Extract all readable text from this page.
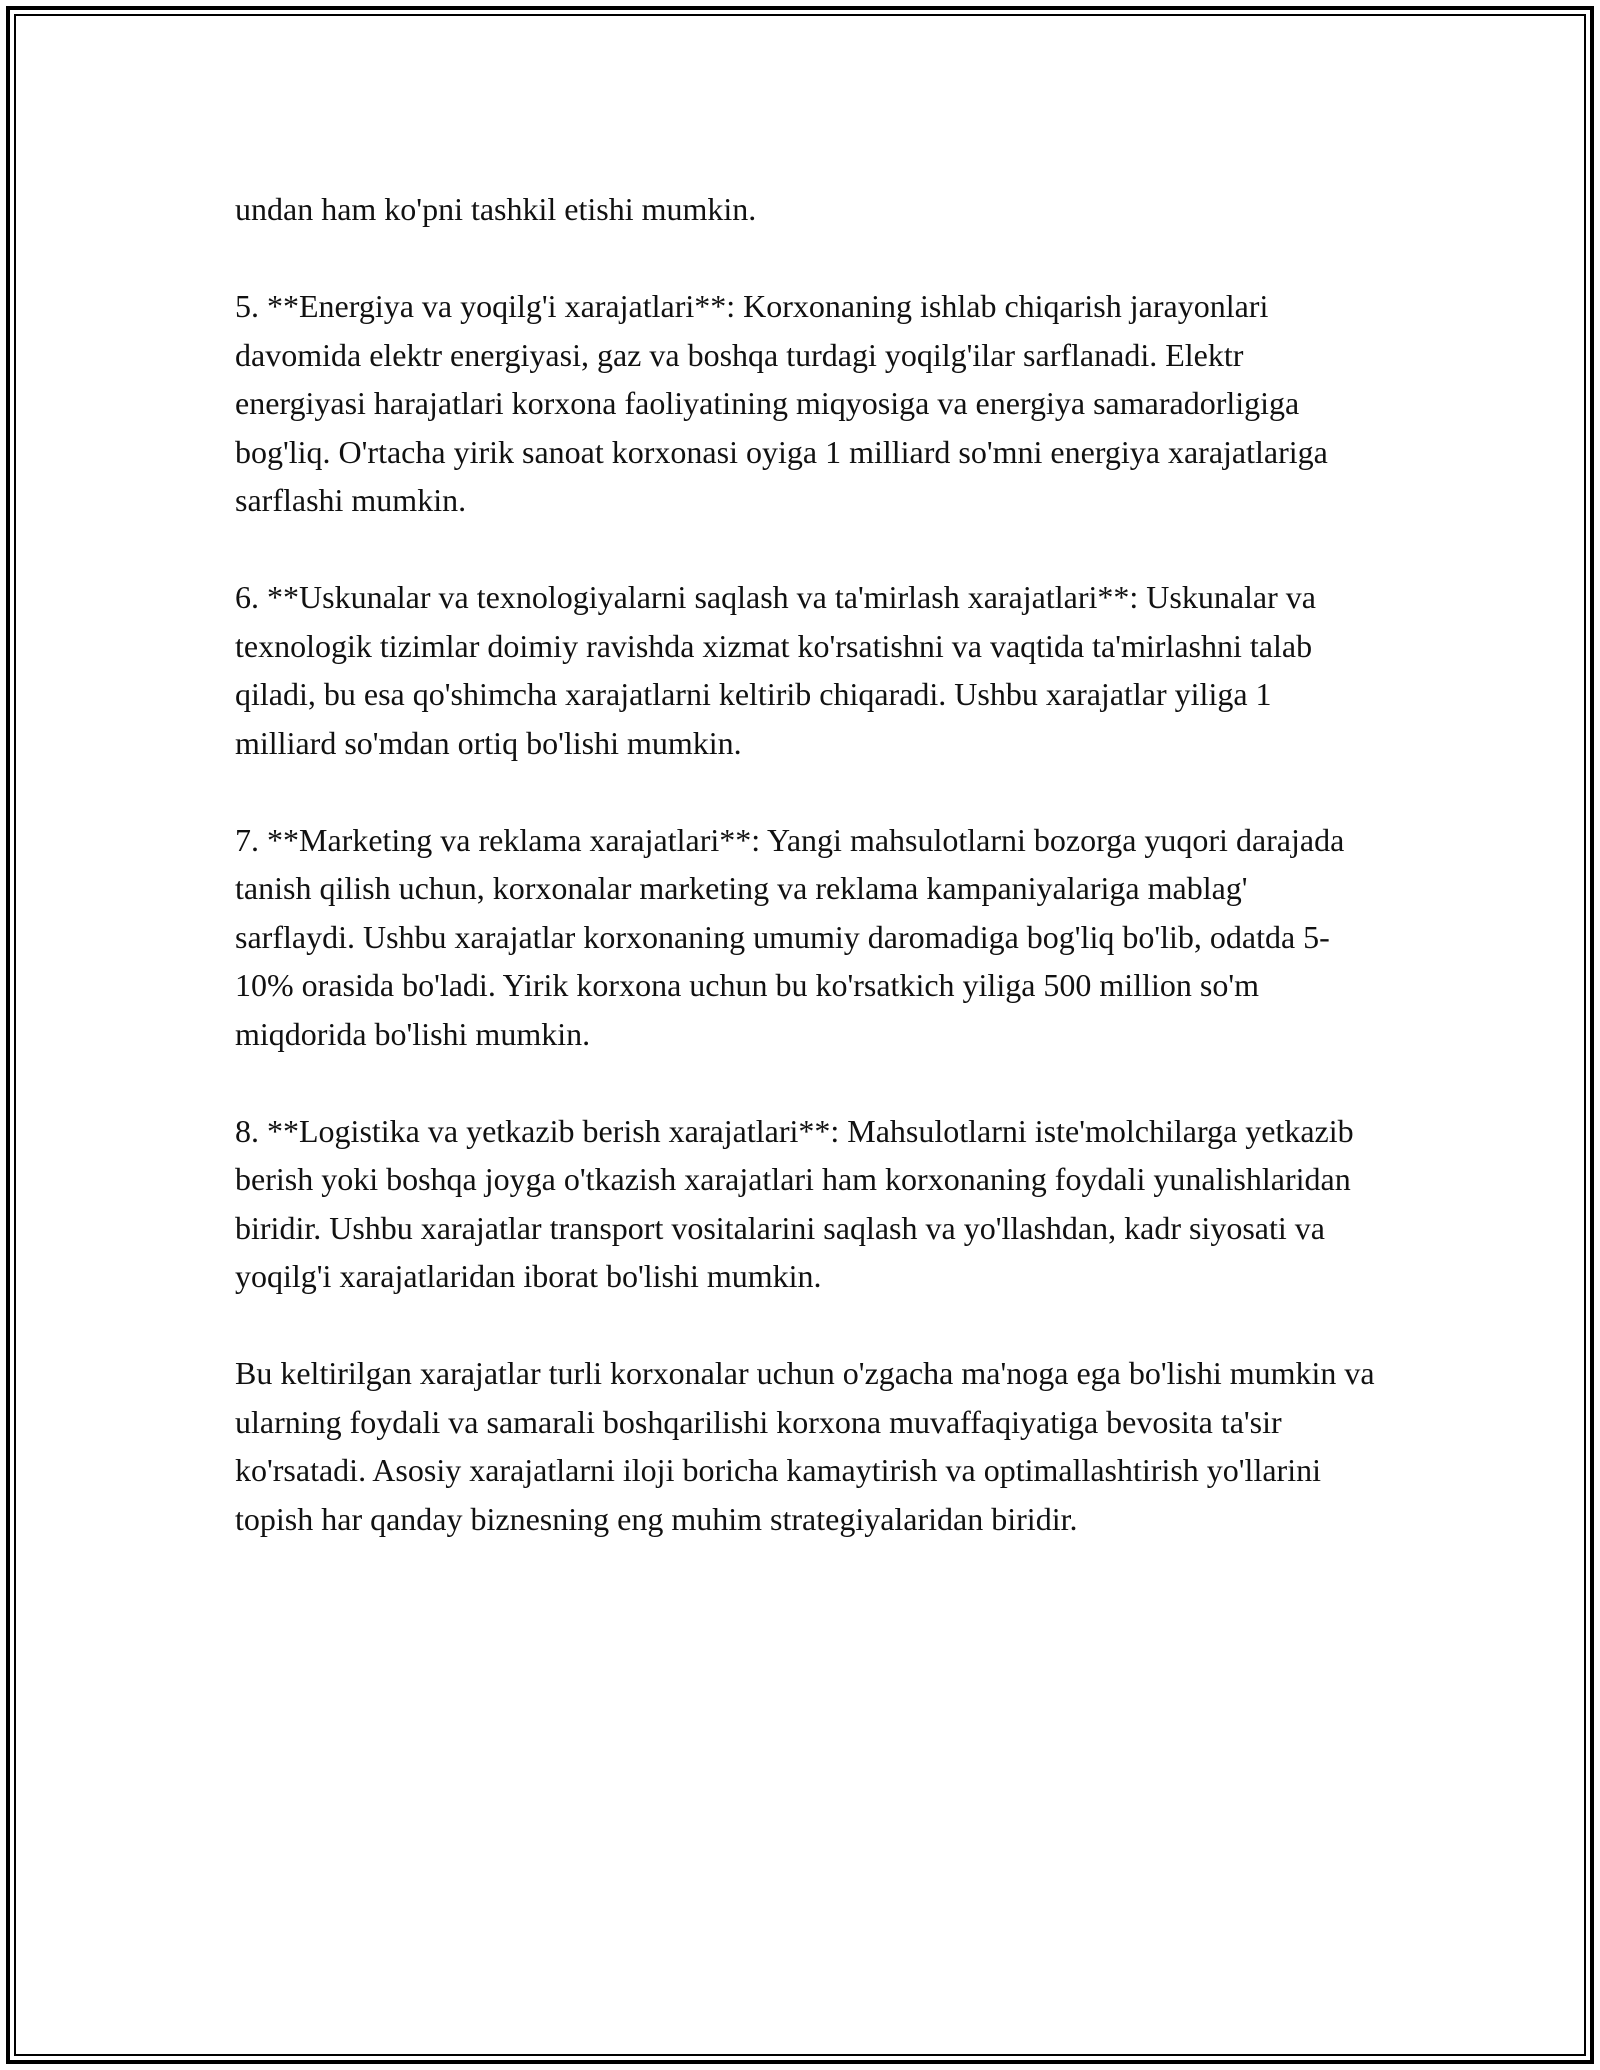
undan ham ko'pni tashkil etishi mumkin.

5. **Energiya va yoqilg'i xarajatlari**: Korxonaning ishlab chiqarish jarayonlari davomida elektr energiyasi, gaz va boshqa turdagi yoqilg'ilar sarflanadi. Elektr energiyasi harajatlari korxona faoliyatining miqyosiga va energiya samaradorligiga bog'liq. O'rtacha yirik sanoat korxonasi oyiga 1 milliard so'mni energiya xarajatlariga sarflashi mumkin.

6. **Uskunalar va texnologiyalarni saqlash va ta'mirlash xarajatlari**: Uskunalar va texnologik tizimlar doimiy ravishda xizmat ko'rsatishni va vaqtida ta'mirlashni talab qiladi, bu esa qo'shimcha xarajatlarni keltirib chiqaradi. Ushbu xarajatlar yiliga 1 milliard so'mdan ortiq bo'lishi mumkin.

7. **Marketing va reklama xarajatlari**: Yangi mahsulotlarni bozorga yuqori darajada tanish qilish uchun, korxonalar marketing va reklama kampaniyalariga mablag' sarflaydi. Ushbu xarajatlar korxonaning umumiy daromadiga bog'liq bo'lib, odatda 5-10% orasida bo'ladi. Yirik korxona uchun bu ko'rsatkich yiliga 500 million so'm miqdorida bo'lishi mumkin.

8. **Logistika va yetkazib berish xarajatlari**: Mahsulotlarni iste'molchilarga yetkazib berish yoki boshqa joyga o'tkazish xarajatlari ham korxonaning foydali yunalishlaridan biridir. Ushbu xarajatlar transport vositalarini saqlash va yo'llashdan, kadr siyosati va yoqilg'i xarajatlaridan iborat bo'lishi mumkin.

Bu keltirilgan xarajatlar turli korxonalar uchun o'zgacha ma'noga ega bo'lishi mumkin va ularning foydali va samarali boshqarilishi korxona muvaffaqiyatiga bevosita ta'sir ko'rsatadi. Asosiy xarajatlarni iloji boricha kamaytirish va optimallashtirish yo'llarini topish har qanday biznesning eng muhim strategiyalaridan biridir.
